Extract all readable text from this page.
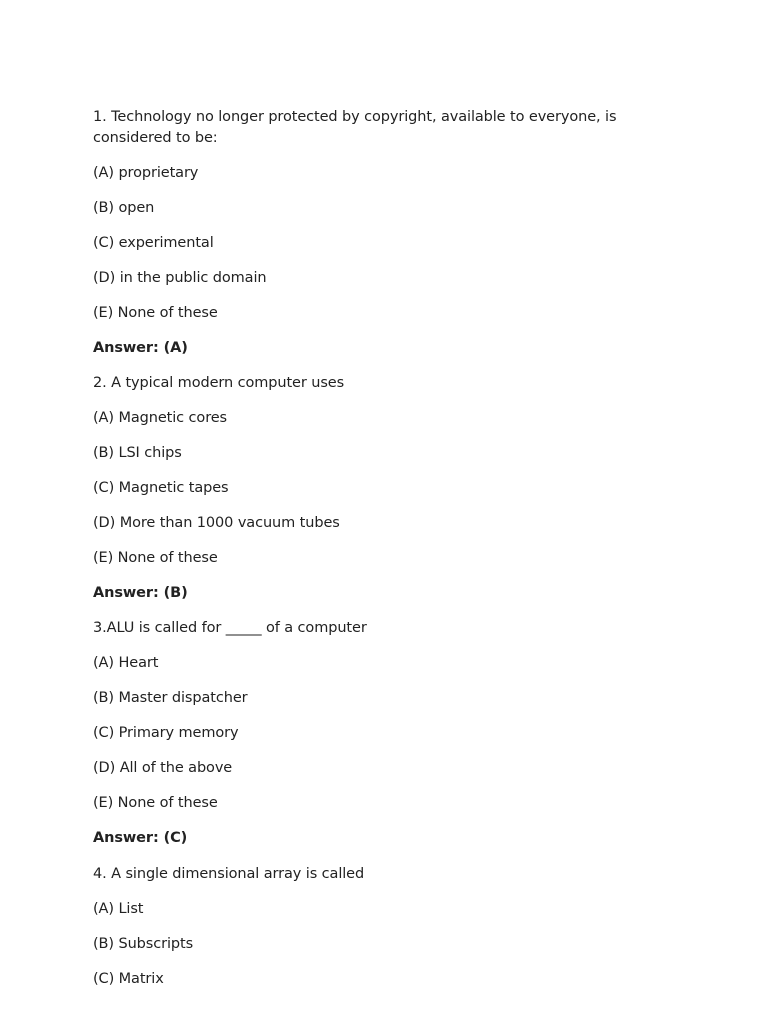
1. Technology no longer protected by copyright, available to everyone, is considered to be:
(A) proprietary
(B) open
(C) experimental
(D) in the public domain
(E) None of these
Answer: (A)
2. A typical modern computer uses
(A) Magnetic cores
(B) LSI chips
(C) Magnetic tapes
(D) More than 1000 vacuum tubes
(E) None of these
Answer: (B)
3.ALU is called for _____ of a computer
(A) Heart
(B) Master dispatcher
(C) Primary memory
(D) All of the above
(E) None of these
Answer: (C)
4. A single dimensional array is called
(A) List
(B) Subscripts
(C) Matrix
